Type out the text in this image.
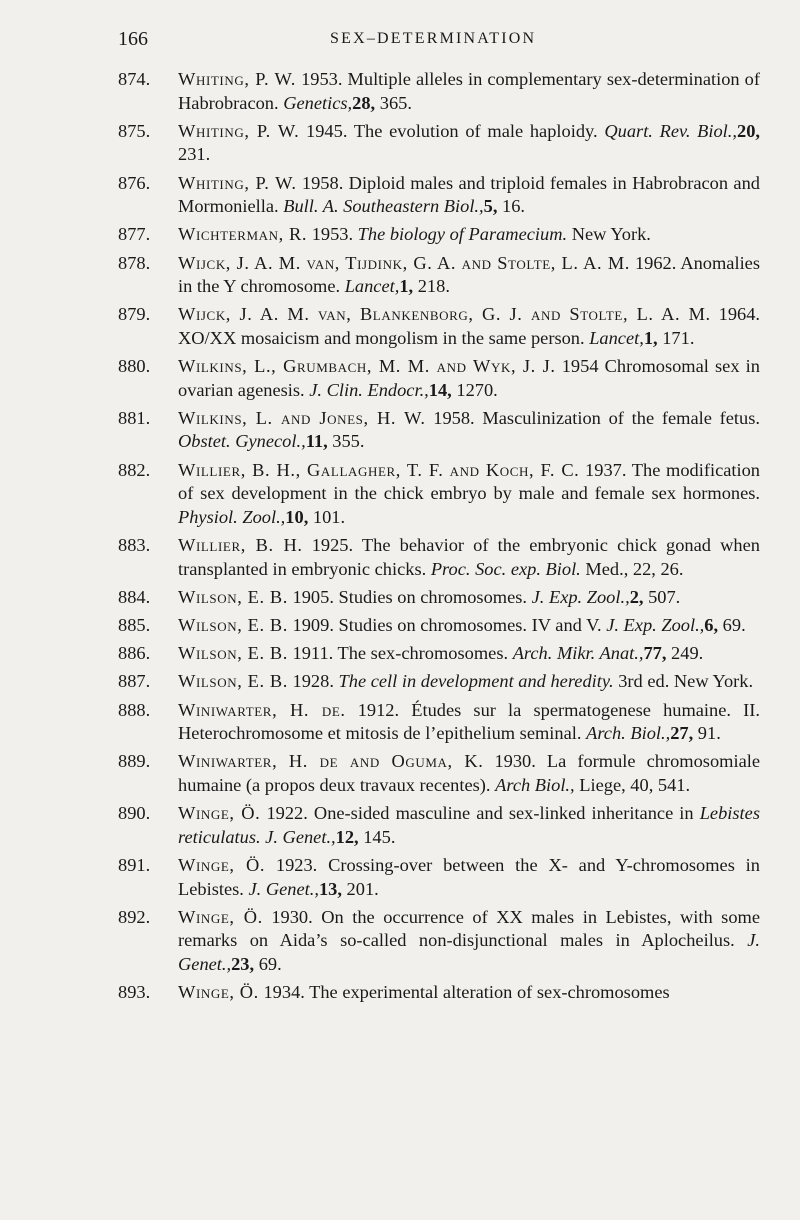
166	SEX–DETERMINATION
874. Whiting, P. W. 1953. Multiple alleles in complementary sex-determination of Habrobracon. Genetics,28, 365.
875. Whiting, P. W. 1945. The evolution of male haploidy. Quart. Rev. Biol.,20, 231.
876. Whiting, P. W. 1958. Diploid males and triploid females in Habrobracon and Mormoniella. Bull. A. Southeastern Biol.,5, 16.
877. Wichterman, R. 1953. The biology of Paramecium. New York.
878. Wijck, J. A. M. van, Tijdink, G. A. and Stolte, L. A. M. 1962. Anomalies in the Y chromosome. Lancet,1, 218.
879. Wijck, J. A. M. van, Blankenborg, G. J. and Stolte, L. A. M. 1964. XO/XX mosaicism and mongolism in the same person. Lancet,1, 171.
880. Wilkins, L., Grumbach, M. M. and Wyk, J. J. 1954 Chromosomal sex in ovarian agenesis. J. Clin. Endocr.,14, 1270.
881. Wilkins, L. and Jones, H. W. 1958. Masculinization of the female fetus. Obstet. Gynecol.,11, 355.
882. Willier, B. H., Gallagher, T. F. and Koch, F. C. 1937. The modification of sex development in the chick embryo by male and female sex hormones. Physiol. Zool.,10, 101.
883. Willier, B. H. 1925. The behavior of the embryonic chick gonad when transplanted in embryonic chicks. Proc. Soc. exp. Biol. Med., 22, 26.
884. Wilson, E. B. 1905. Studies on chromosomes. J. Exp. Zool.,2, 507.
885. Wilson, E. B. 1909. Studies on chromosomes. IV and V. J. Exp. Zool.,6, 69.
886. Wilson, E. B. 1911. The sex-chromosomes. Arch. Mikr. Anat.,77, 249.
887. Wilson, E. B. 1928. The cell in development and heredity. 3rd ed. New York.
888. Winiwarter, H. de. 1912. Études sur la spermatogenese humaine. II. Heterochromosome et mitosis de l’epithelium seminal. Arch. Biol.,27, 91.
889. Winiwarter, H. de and Oguma, K. 1930. La formule chromosomiale humaine (a propos deux travaux recentes). Arch Biol., Liege, 40, 541.
890. Winge, Ö. 1922. One-sided masculine and sex-linked inheritance in Lebistes reticulatus. J. Genet.,12, 145.
891. Winge, Ö. 1923. Crossing-over between the X- and Y-chromosomes in Lebistes. J. Genet.,13, 201.
892. Winge, Ö. 1930. On the occurrence of XX males in Lebistes, with some remarks on Aida’s so-called non-disjunctional males in Aplocheilus. J. Genet.,23, 69.
893. Winge, Ö. 1934. The experimental alteration of sex-chromosomes
